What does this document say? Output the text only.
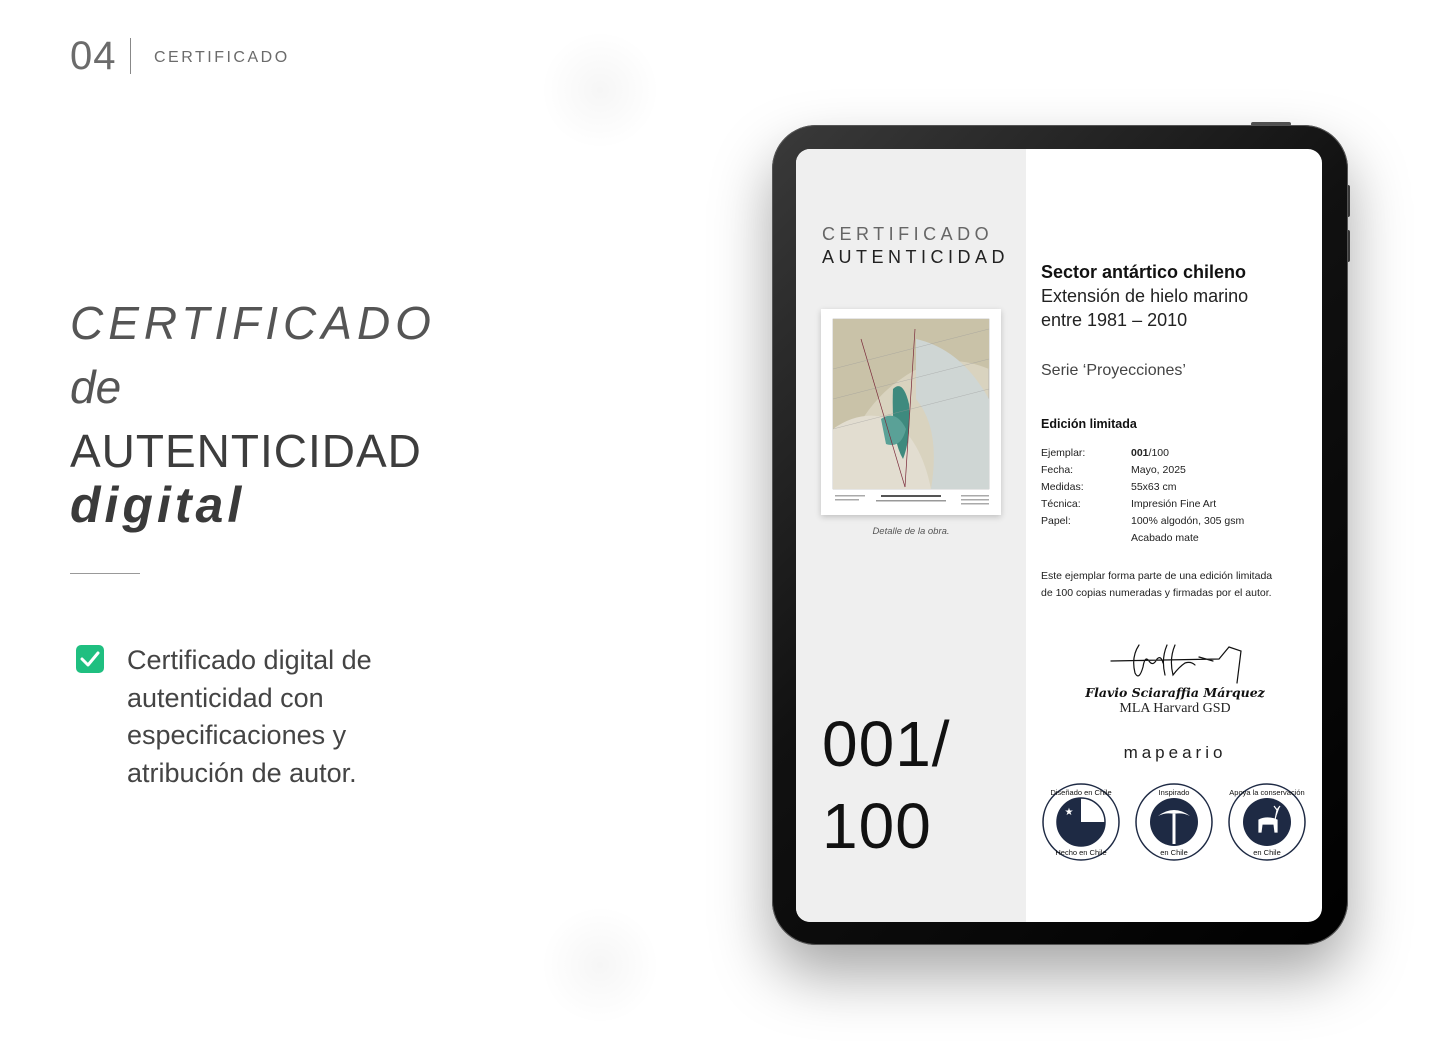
04 CERTIFICADO
CERTIFICADO
de
AUTENTICIDAD
digital
Certificado digital de autenticidad con especificaciones y atribución de autor.
CERTIFICADO
AUTENTICIDAD
Detalle de la obra.
001/
100
Sector antártico chileno
Extensión de hielo marino
entre 1981 – 2010
Serie ‘Proyecciones’
Edición limitada
Ejemplar:	001/100
Fecha:	Mayo, 2025
Medidas:	55x63 cm
Técnica:	Impresión Fine Art
Papel:	100% algodón, 305 gsm
Acabado mate
Este ejemplar forma parte de una edición limitada de 100 copias numeradas y firmadas por el autor.
Flavio Sciaraffia Márquez
MLA Harvard GSD
mapeario
★
Diseñado en Chile
Hecho en Chile
Inspirado
en Chile
Apoya la conservación
en Chile
